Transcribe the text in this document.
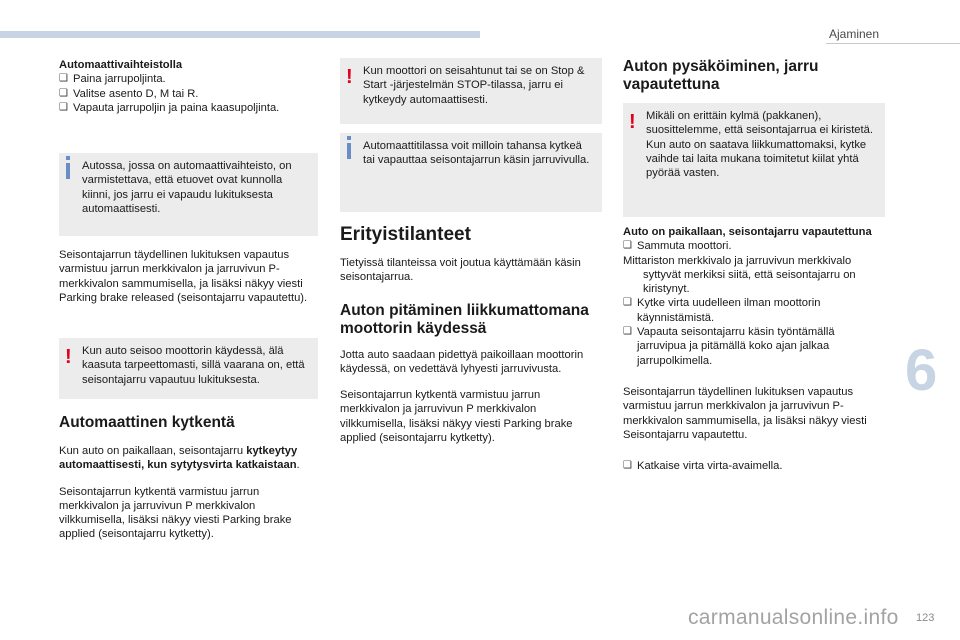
Ajaminen
6
123
carmanualsonline.info
Automaattivaihteistolla
❑ Paina jarrupoljinta.
❑ Valitse asento D, M tai R.
❑ Vapauta jarrupoljin ja paina kaasupoljinta.
Autossa, jossa on automaattivaihteisto, on varmistettava, että etuovet ovat kunnolla kiinni, jos jarru ei vapaudu lukituksesta automaattisesti.

Seisontajarrun täydellinen lukituksen vapautus varmistuu jarrun merkkivalon ja jarruvivun P-merkkivalon sammumisella, ja lisäksi näkyy viesti Parking brake released (seisontajarru vapautettu).

! Kun auto seisoo moottorin käydessä, älä kaasuta tarpeettomasti, sillä vaarana on, että seisontajarru vapautuu lukituksesta.
Automaattinen kytkentä

Kun auto on paikallaan, seisontajarru kytkeytyy automaattisesti, kun sytytysvirta katkaistaan.

Seisontajarrun kytkentä varmistuu jarrun merkkivalon ja jarruvivun P merkkivalon vilkkumisella, lisäksi näkyy viesti Parking brake applied (seisontajarru kytketty).

! Kun moottori on seisahtunut tai se on Stop & Start -järjestelmän STOP-tilassa, jarru ei kytkeydy automaattisesti.
Automaattitilassa voit milloin tahansa kytkeä tai vapauttaa seisontajarrun käsin jarruvivulla.
Erityistilanteet

Tietyissä tilanteissa voit joutua käyttämään käsin seisontajarrua.

Auton pitäminen liikkumattomana moottorin käydessä

Jotta auto saadaan pidettyä paikoillaan moottorin käydessä, on vedettävä lyhyesti jarruvivusta.

Seisontajarrun kytkentä varmistuu jarrun merkkivalon ja jarruvivun P merkkivalon vilkkumisella, lisäksi näkyy viesti Parking brake applied (seisontajarru kytketty).

Auton pysäköiminen, jarru vapautettuna
! Mikäli on erittäin kylmä (pakkanen), suosittelemme, että seisontajarrua ei kiristetä. Kun auto on saatava liikkumattomaksi, kytke vaihde tai laita mukana toimitetut kiilat yhtä pyörää vasten.
Auto on paikallaan, seisontajarru vapautettuna
❑ Sammuta moottori.

Mittariston merkkivalo ja jarruvivun merkkivalo syttyvät merkiksi siitä, että seisontajarru on kiristynyt.

❑ Kytke virta uudelleen ilman moottorin käynnistämistä.
❑ Vapauta seisontajarru käsin työntämällä jarruvipua ja pitämällä koko ajan jalkaa jarrupolkimella.

Seisontajarrun täydellinen lukituksen vapautus varmistuu jarrun merkkivalon ja jarruvivun P-merkkivalon sammumisella, ja lisäksi näkyy viesti Seisontajarru vapautettu.

❑ Katkaise virta virta-avaimella.
